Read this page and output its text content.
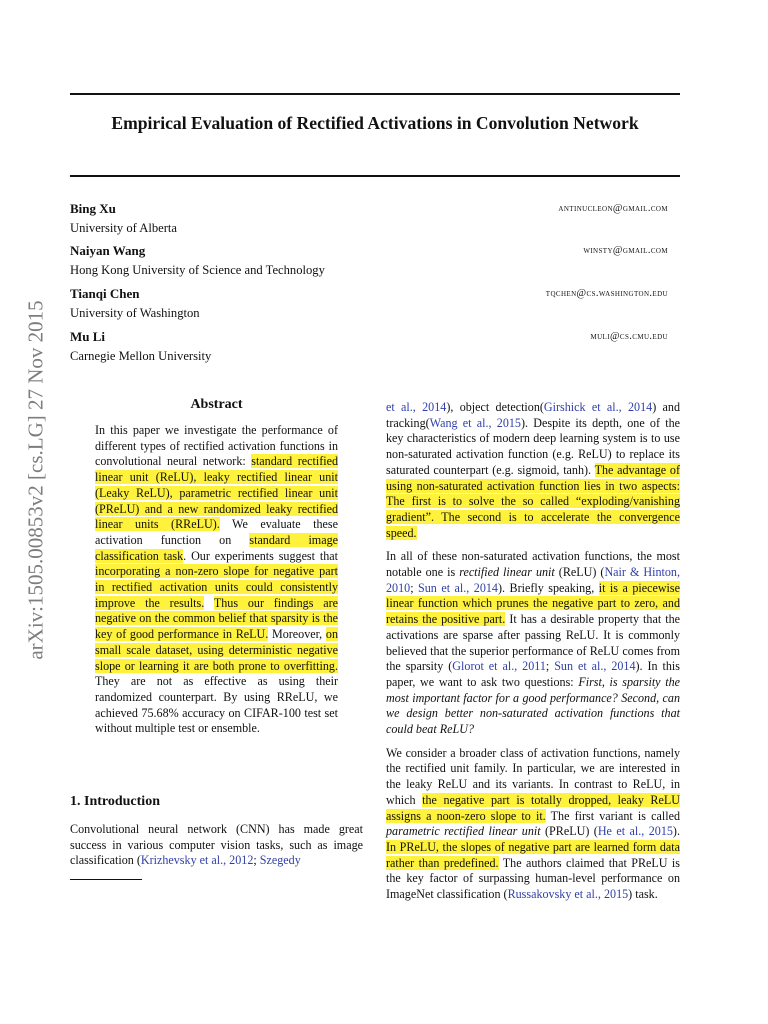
arXiv:1505.00853v2 [cs.LG] 27 Nov 2015
Empirical Evaluation of Rectified Activations in Convolution Network
Bing Xu
University of Alberta
antinucleon@gmail.com
Naiyan Wang
Hong Kong University of Science and Technology
winsty@gmail.com
Tianqi Chen
University of Washington
tqchen@cs.washington.edu
Mu Li
Carnegie Mellon University
muli@cs.cmu.edu
Abstract

In this paper we investigate the performance of different types of rectified activation functions in convolutional neural network: standard rectified linear unit (ReLU), leaky rectified linear unit (Leaky ReLU), parametric rectified linear unit (PReLU) and a new randomized leaky rectified linear units (RReLU). We evaluate these activation function on standard image classification task. Our experiments suggest that incorporating a non-zero slope for negative part in rectified activation units could consistently improve the results. Thus our findings are negative on the common belief that sparsity is the key of good performance in ReLU. Moreover, on small scale dataset, using deterministic negative slope or learning it are both prone to overfitting. They are not as effective as using their randomized counterpart. By using RReLU, we achieved 75.68% accuracy on CIFAR-100 test set without multiple test or ensemble.

1. Introduction

Convolutional neural network (CNN) has made great success in various computer vision tasks, such as image classification (Krizhevsky et al., 2012; Szegedy

et al., 2014), object detection(Girshick et al., 2014) and tracking(Wang et al., 2015). Despite its depth, one of the key characteristics of modern deep learning system is to use non-saturated activation function (e.g. ReLU) to replace its saturated counterpart (e.g. sigmoid, tanh). The advantage of using non-saturated activation function lies in two aspects: The first is to solve the so called “exploding/vanishing gradient”. The second is to accelerate the convergence speed.

In all of these non-saturated activation functions, the most notable one is rectified linear unit (ReLU) (Nair & Hinton, 2010; Sun et al., 2014). Briefly speaking, it is a piecewise linear function which prunes the negative part to zero, and retains the positive part. It has a desirable property that the activations are sparse after passing ReLU. It is commonly believed that the superior performance of ReLU comes from the sparsity (Glorot et al., 2011; Sun et al., 2014). In this paper, we want to ask two questions: First, is sparsity the most important factor for a good performance? Second, can we design better non-saturated activation functions that could beat ReLU?

We consider a broader class of activation functions, namely the rectified unit family. In particular, we are interested in the leaky ReLU and its variants. In contrast to ReLU, in which the negative part is totally dropped, leaky ReLU assigns a noon-zero slope to it. The first variant is called parametric rectified linear unit (PReLU) (He et al., 2015). In PReLU, the slopes of negative part are learned form data rather than predefined. The authors claimed that PReLU is the key factor of surpassing human-level performance on ImageNet classification (Russakovsky et al., 2015) task.
